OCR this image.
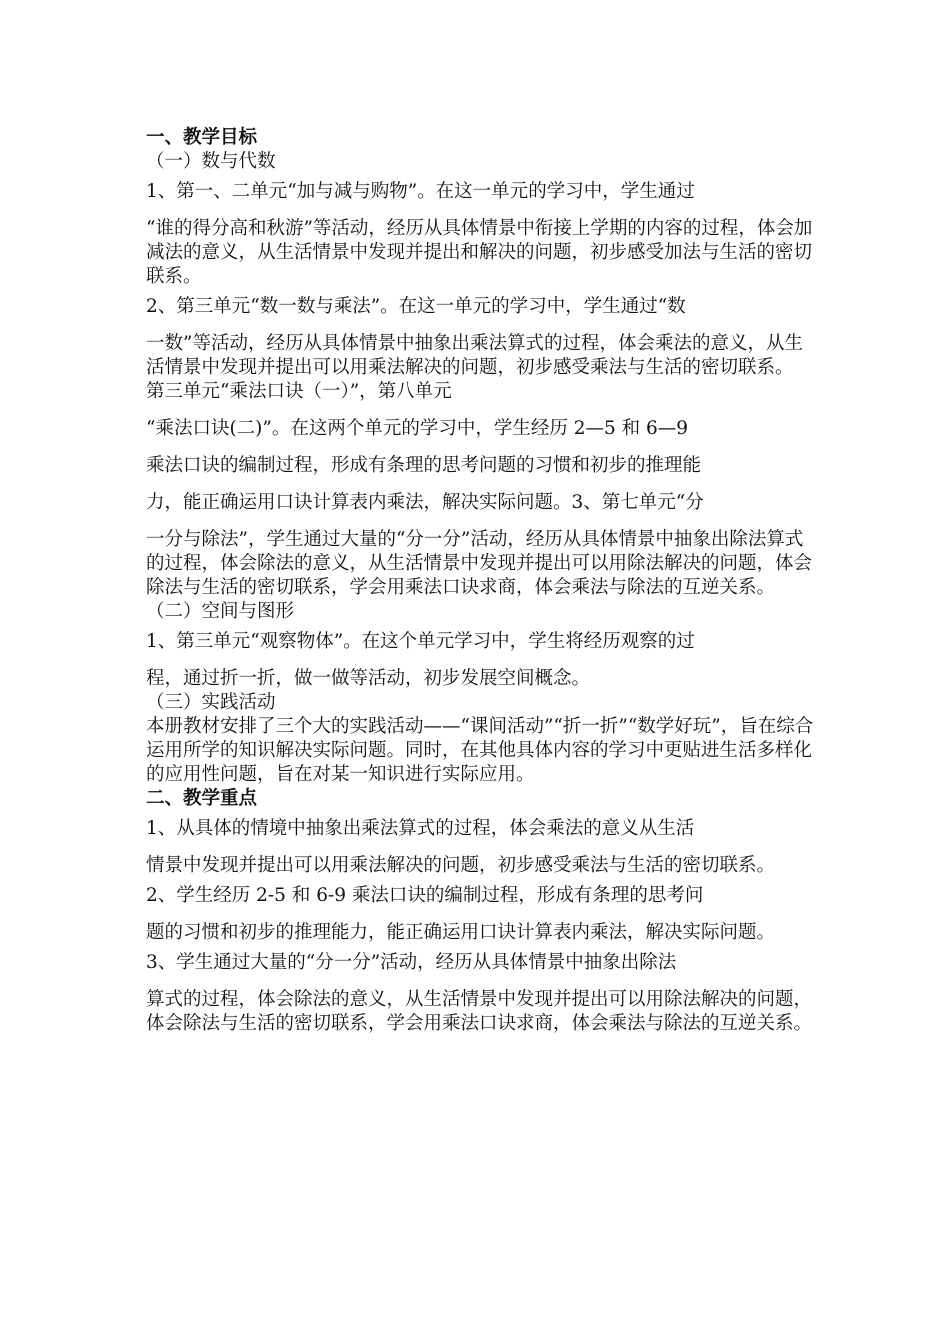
一、教学目标

（一）数与代数

1、第一、二单元“加与减与购物”。在这一单元的学习中，学生通过
“谁的得分高和秋游”等活动，经历从具体情景中衔接上学期的内容的过程，体会加减法的意义，从生活情景中发现并提出和解决的问题，初步感受加法与生活的密切联系。
2、第三单元“数一数与乘法”。在这一单元的学习中，学生通过“数
一数”等活动，经历从具体情景中抽象出乘法算式的过程，体会乘法的意义，从生活情景中发现并提出可以用乘法解决的问题，初步感受乘法与生活的密切联系。　第三单元“乘法口诀（一）”，第八单元
“乘法口诀(二)”。在这两个单元的学习中，学生经历 2—5 和 6—9
乘法口诀的编制过程，形成有条理的思考问题的习惯和初步的推理能
力，能正确运用口诀计算表内乘法，解决实际问题。3、第七单元“分
一分与除法”，学生通过大量的“分一分”活动，经历从具体情景中抽象出除法算式的过程，体会除法的意义，从生活情景中发现并提出可以用除法解决的问题，体会除法与生活的密切联系，学会用乘法口诀求商，体会乘法与除法的互逆关系。

（二）空间与图形

1、第三单元“观察物体”。在这个单元学习中，学生将经历观察的过
程，通过折一折，做一做等活动，初步发展空间概念。

（三）实践活动

本册教材安排了三个大的实践活动——“课间活动”“折一折”“数学好玩”，旨在综合运用所学的知识解决实际问题。同时，在其他具体内容的学习中更贴进生活多样化的应用性问题，旨在对某一知识进行实际应用。

二、教学重点

1、从具体的情境中抽象出乘法算式的过程，体会乘法的意义从生活
情景中发现并提出可以用乘法解决的问题，初步感受乘法与生活的密切联系。
2、学生经历 2-5 和 6-9 乘法口诀的编制过程，形成有条理的思考问
题的习惯和初步的推理能力，能正确运用口诀计算表内乘法，解决实际问题。
3、学生通过大量的“分一分”活动，经历从具体情景中抽象出除法
算式的过程，体会除法的意义，从生活情景中发现并提出可以用除法解决的问题，体会除法与生活的密切联系，学会用乘法口诀求商，体会乘法与除法的互逆关系。
